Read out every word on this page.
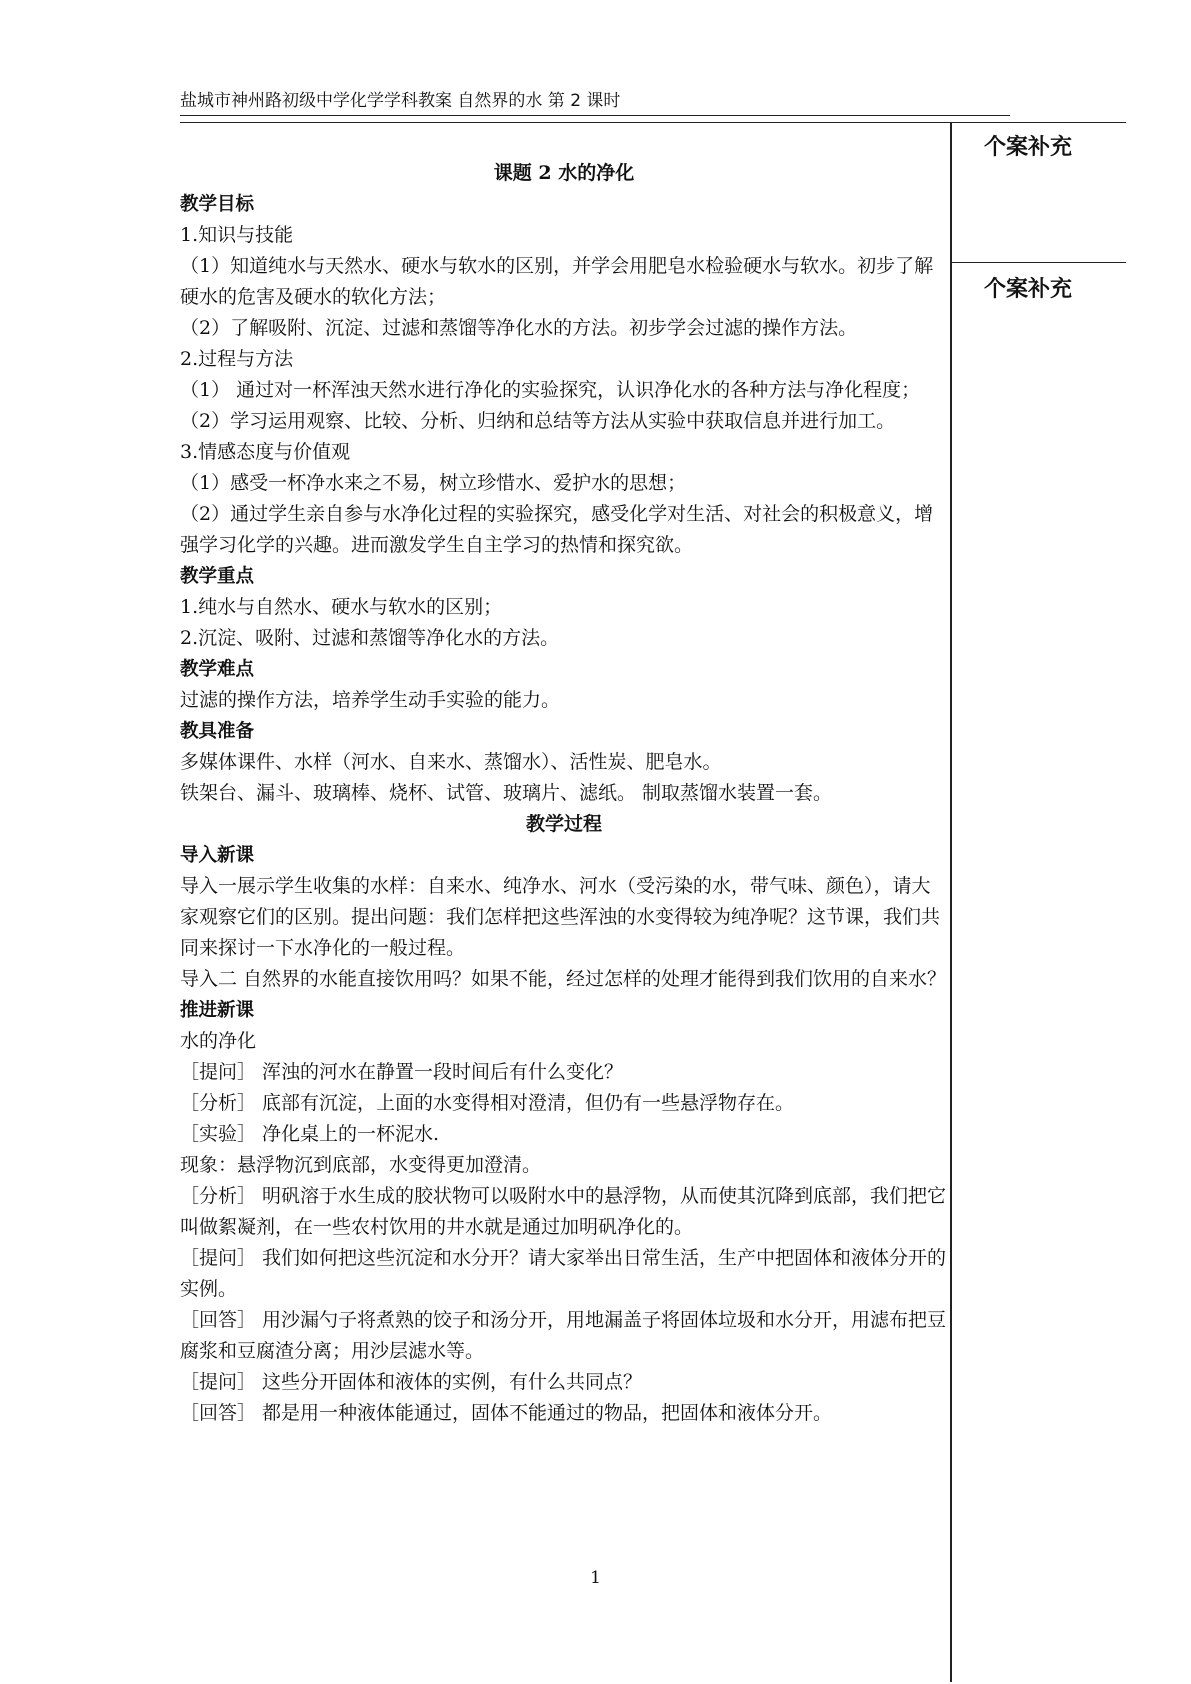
盐城市神州路初级中学化学学科教案 自然界的水 第 2 课时
个案补充
个案补充

课题 2 水的净化

教学目标

1.知识与技能

（1）知道纯水与天然水、硬水与软水的区别，并学会用肥皂水检验硬水与软水。初步了解硬水的危害及硬水的软化方法；

（2）了解吸附、沉淀、过滤和蒸馏等净化水的方法。初步学会过滤的操作方法。

2.过程与方法

（1） 通过对一杯浑浊天然水进行净化的实验探究，认识净化水的各种方法与净化程度；

（2）学习运用观察、比较、分析、归纳和总结等方法从实验中获取信息并进行加工。

3.情感态度与价值观

（1）感受一杯净水来之不易，树立珍惜水、爱护水的思想；

（2）通过学生亲自参与水净化过程的实验探究，感受化学对生活、对社会的积极意义，增强学习化学的兴趣。进而激发学生自主学习的热情和探究欲。

教学重点

1.纯水与自然水、硬水与软水的区别；

2.沉淀、吸附、过滤和蒸馏等净化水的方法。

教学难点

过滤的操作方法，培养学生动手实验的能力。

教具准备

多媒体课件、水样（河水、自来水、蒸馏水）、活性炭、肥皂水。

铁架台、漏斗、玻璃棒、烧杯、试管、玻璃片、滤纸。 制取蒸馏水装置一套。

教学过程

导入新课

导入一展示学生收集的水样：自来水、纯净水、河水（受污染的水，带气味、颜色），请大家观察它们的区别。提出问题：我们怎样把这些浑浊的水变得较为纯净呢？这节课，我们共同来探讨一下水净化的一般过程。

导入二 自然界的水能直接饮用吗？如果不能，经过怎样的处理才能得到我们饮用的自来水？

推进新课

水的净化

［提问］ 浑浊的河水在静置一段时间后有什么变化？

［分析］ 底部有沉淀，上面的水变得相对澄清，但仍有一些悬浮物存在。

［实验］ 净化桌上的一杯泥水.

现象：悬浮物沉到底部，水变得更加澄清。

［分析］ 明矾溶于水生成的胶状物可以吸附水中的悬浮物，从而使其沉降到底部，我们把它叫做絮凝剂，在一些农村饮用的井水就是通过加明矾净化的。

［提问］ 我们如何把这些沉淀和水分开？请大家举出日常生活，生产中把固体和液体分开的实例。

［回答］ 用沙漏勺子将煮熟的饺子和汤分开，用地漏盖子将固体垃圾和水分开，用滤布把豆腐浆和豆腐渣分离；用沙层滤水等。

［提问］ 这些分开固体和液体的实例，有什么共同点？

［回答］ 都是用一种液体能通过，固体不能通过的物品，把固体和液体分开。

1
